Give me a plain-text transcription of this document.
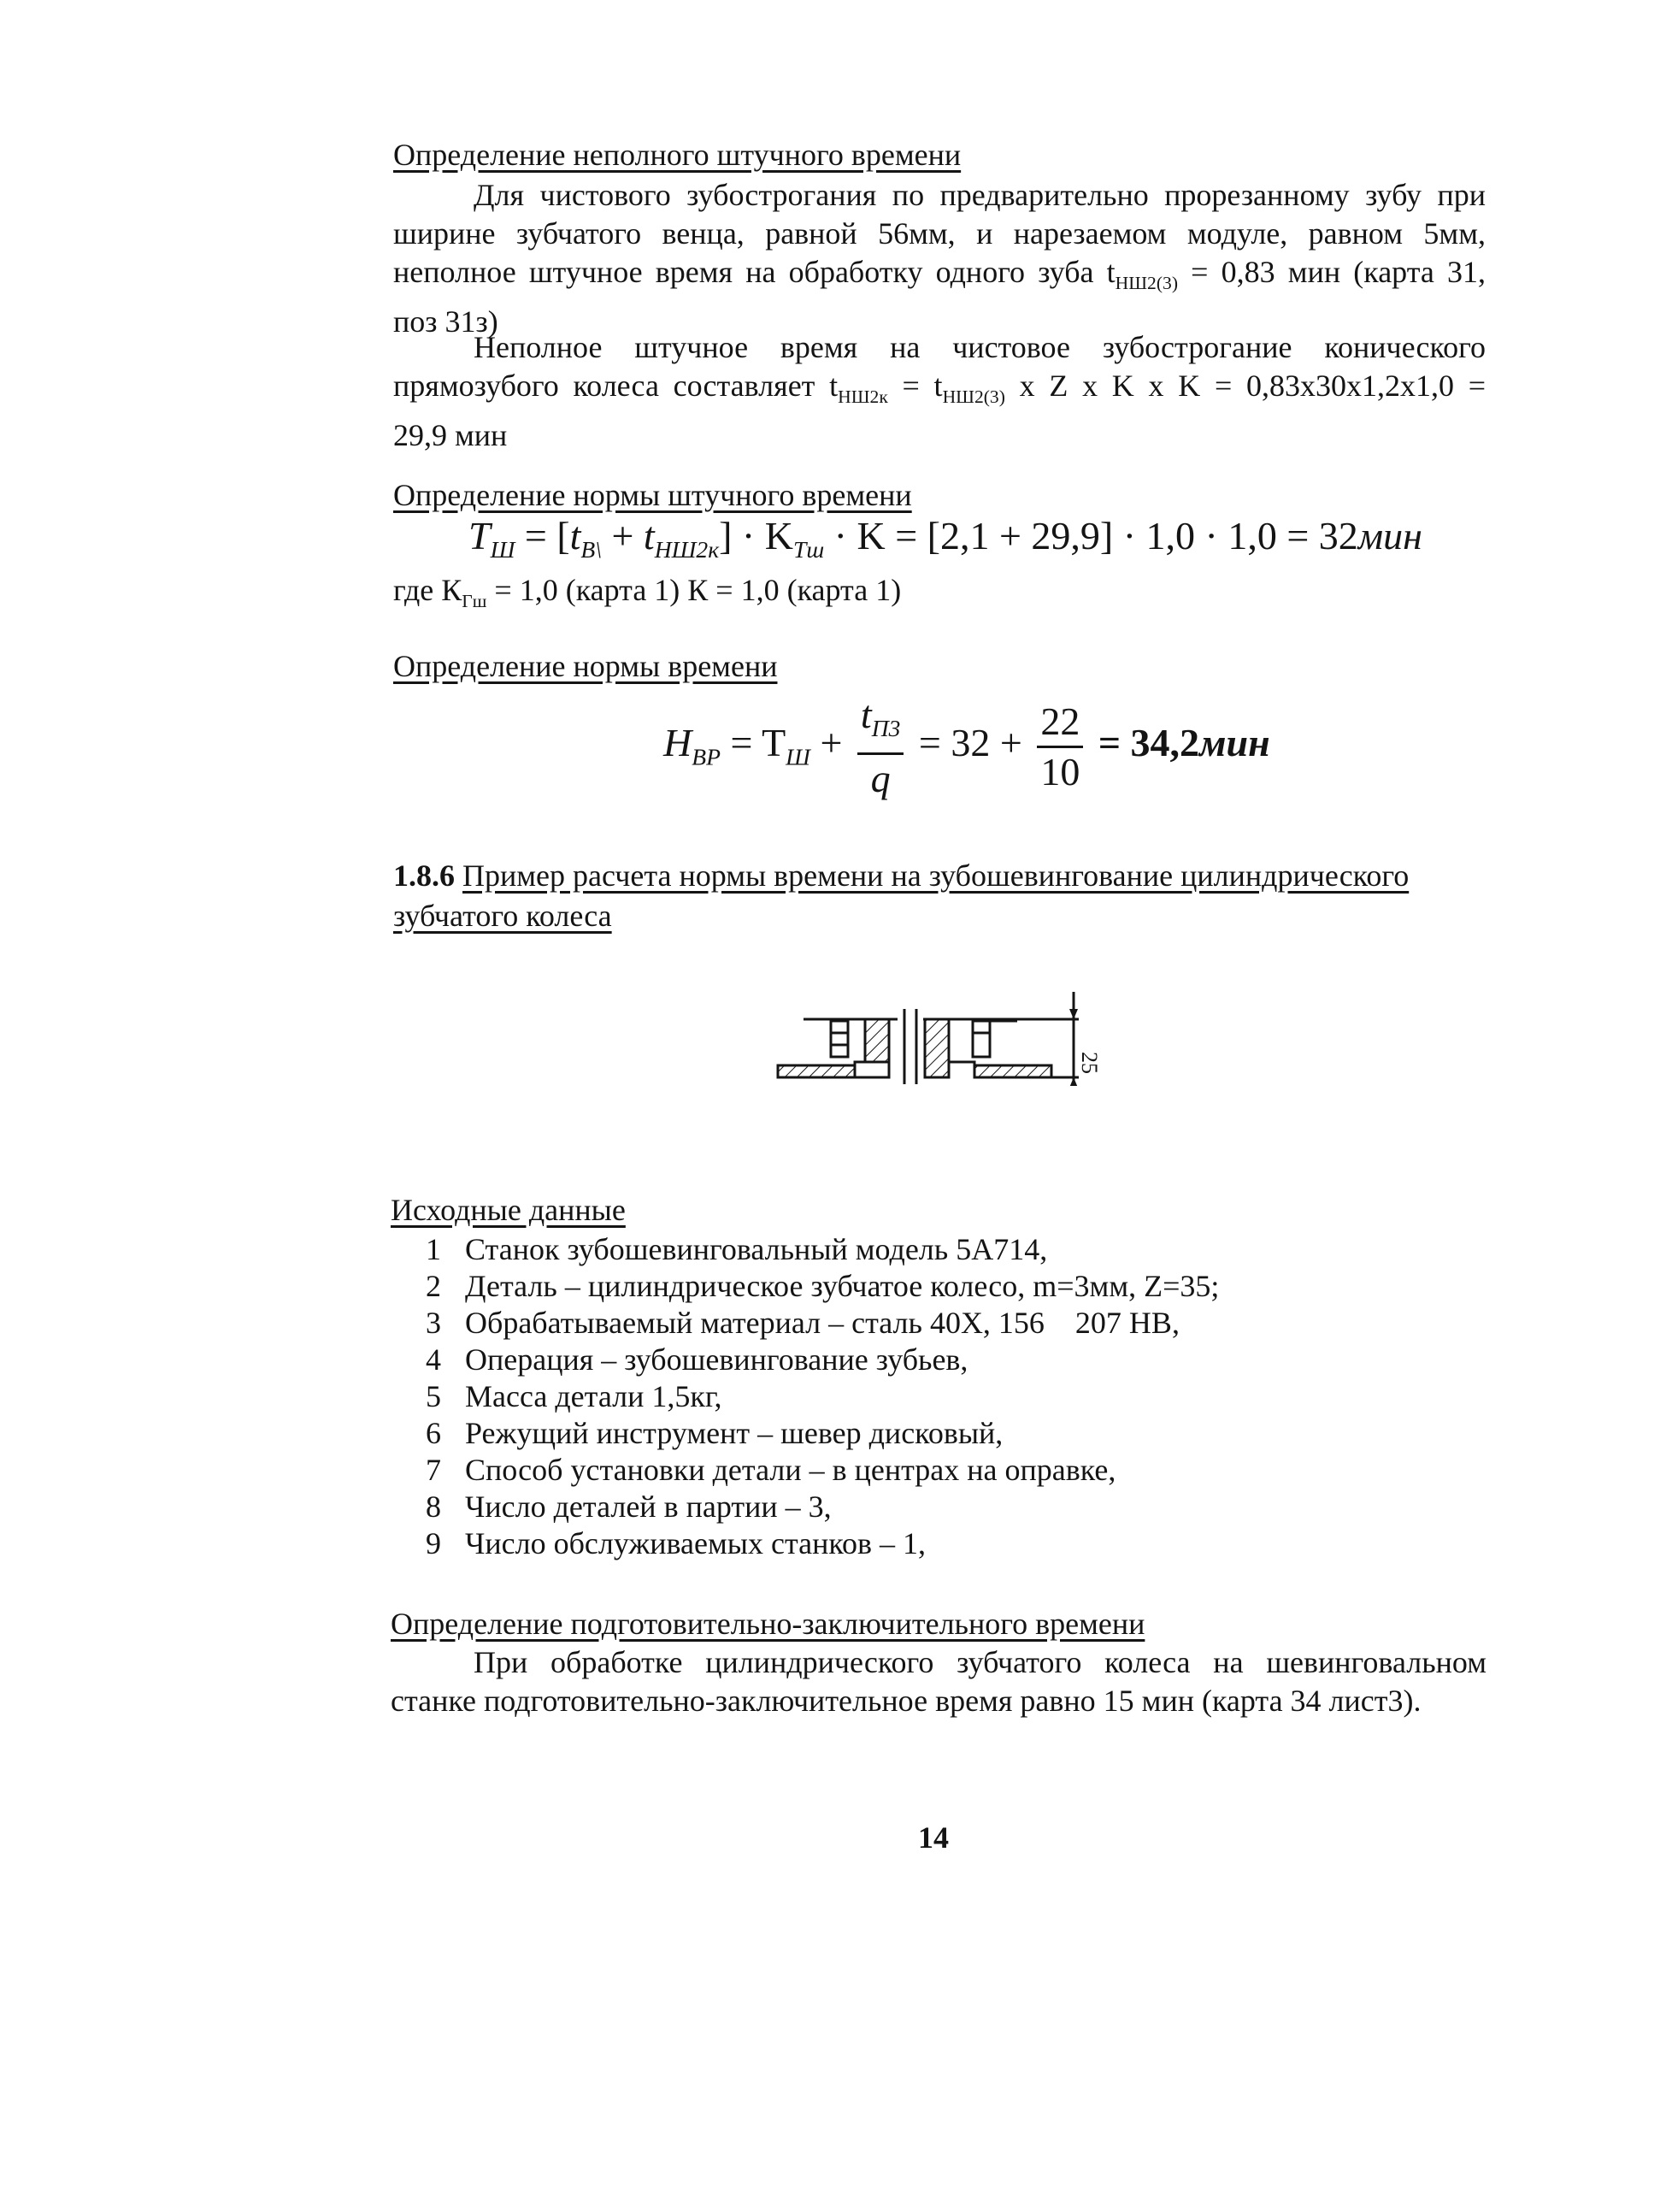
Определение неполного штучного времени
Для чистового зубострогания по предварительно прорезанному зубу при
ширине зубчатого венца, равной 56мм, и нарезаемом модуле, равном 5мм,
неполное штучное время на обработку одного зуба $t_{НШ2(3)} = 0,83$ мин (карта 31,
поз 31з)
Неполное штучное время на чистовое зубострогание конического
прямозубого колеса составляет $t_{НШ2к} = t_{НШ2(3)}$ x Z x K x K = 0,83x30x1,2x1,0 =
29,9 мин
Определение нормы штучного времени
$T_Ш = [t_{B\backslash} + t_{НШ2к}] \cdot K_{Tш} \cdot K = [2,1 + 29,9] \cdot 1,0 \cdot 1,0 = 32мин$
где $К_{Гш} = 1,0$ (карта 1) К = 1,0 (карта 1)
Определение нормы времени
$H_{BP} = T_Ш + \frac{t_{П3}}{q} = 32 + \frac{22}{10} = 34,2мин$
1.8.6 Пример расчета нормы времени на зубошевингование цилиндрического
зубчатого колеса
25
Исходные данные
1 Станок зубошевинговальный модель 5А714,
2 Деталь – цилиндрическое зубчатое колесо, m=3мм, Z=35;
3 Обрабатываемый материал – сталь 40Х, 156    207 НВ,
4 Операция – зубошевингование зубьев,
5 Масса детали 1,5кг,
6 Режущий инструмент – шевер дисковый,
7 Способ установки детали – в центрах на оправке,
8 Число деталей в партии – 3,
9 Число обслуживаемых станков – 1,
Определение подготовительно-заключительного времени
При обработке цилиндрического зубчатого колеса на шевинговальном
станке подготовительно-заключительное время равно 15 мин (карта 34 лист3).
14
